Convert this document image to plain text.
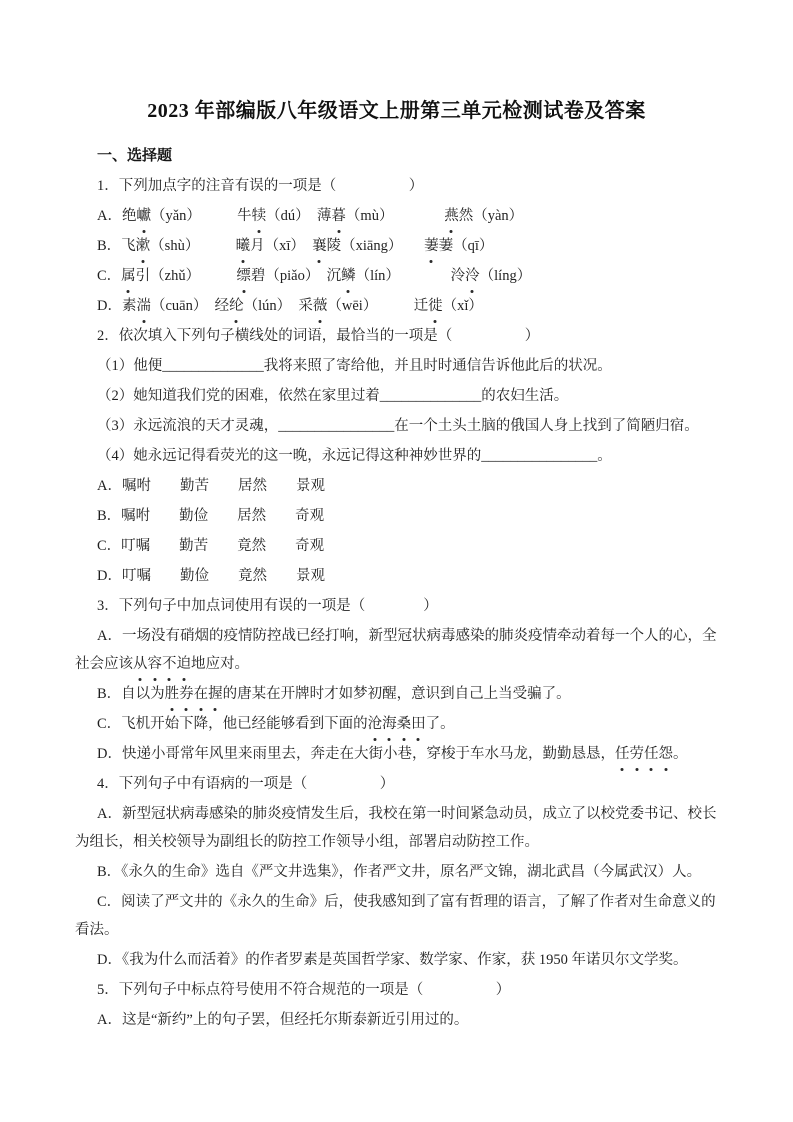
2023 年部编版八年级语文上册第三单元检测试卷及答案

一、选择题

1．下列加点字的注音有误的一项是（　　　　　）

A．绝巘（yǎn）　　　牛犊（dú）　薄暮（mù）　　　　燕然（yàn）

B．飞漱（shù）　　　曦月（xī）　襄陵（xiāng）　　萋萋（qī）

C．属引（zhǔ）　　　缥碧（piǎo）　沉鳞（lín）　　　　泠泠（líng）

D．素湍（cuān）　经纶（lún）　采薇（wēi）　　　迁徙（xǐ）

2．依次填入下列句子横线处的词语，最恰当的一项是（　　　　　）

（1）他便______________我将来照了寄给他，并且时时通信告诉他此后的状况。

（2）她知道我们党的困难，依然在家里过着______________的农妇生活。

（3）永远流浪的天才灵魂，________________在一个土头土脑的俄国人身上找到了简陋归宿。

（4）她永远记得看荧光的这一晚，永远记得这种神妙世界的________________。

A．嘱咐　　勤苦　　居然　　景观

B．嘱咐　　勤俭　　居然　　奇观

C．叮嘱　　勤苦　　竟然　　奇观

D．叮嘱　　勤俭　　竟然　　景观

3．下列句子中加点词使用有误的一项是（　　　　）

A．一场没有硝烟的疫情防控战已经打响，新型冠状病毒感染的肺炎疫情牵动着每一个人的心，全社会应该从容不迫地应对。

B．自以为胜券在握的唐某在开牌时才如梦初醒，意识到自己上当受骗了。

C．飞机开始下降，他已经能够看到下面的沧海桑田了。

D．快递小哥常年风里来雨里去，奔走在大街小巷，穿梭于车水马龙，勤勤恳恳，任劳任怨。

4．下列句子中有语病的一项是（　　　　　）

A．新型冠状病毒感染的肺炎疫情发生后，我校在第一时间紧急动员，成立了以校党委书记、校长为组长，相关校领导为副组长的防控工作领导小组，部署启动防控工作。

B．《永久的生命》选自《严文井选集》，作者严文井，原名严文锦，湖北武昌（今属武汉）人。

C．阅读了严文井的《永久的生命》后，使我感知到了富有哲理的语言，了解了作者对生命意义的看法。

D．《我为什么而活着》的作者罗素是英国哲学家、数学家、作家，获 1950 年诺贝尔文学奖。

5．下列句子中标点符号使用不符合规范的一项是（　　　　　）

A．这是“新约”上的句子罢，但经托尔斯泰新近引用过的。
